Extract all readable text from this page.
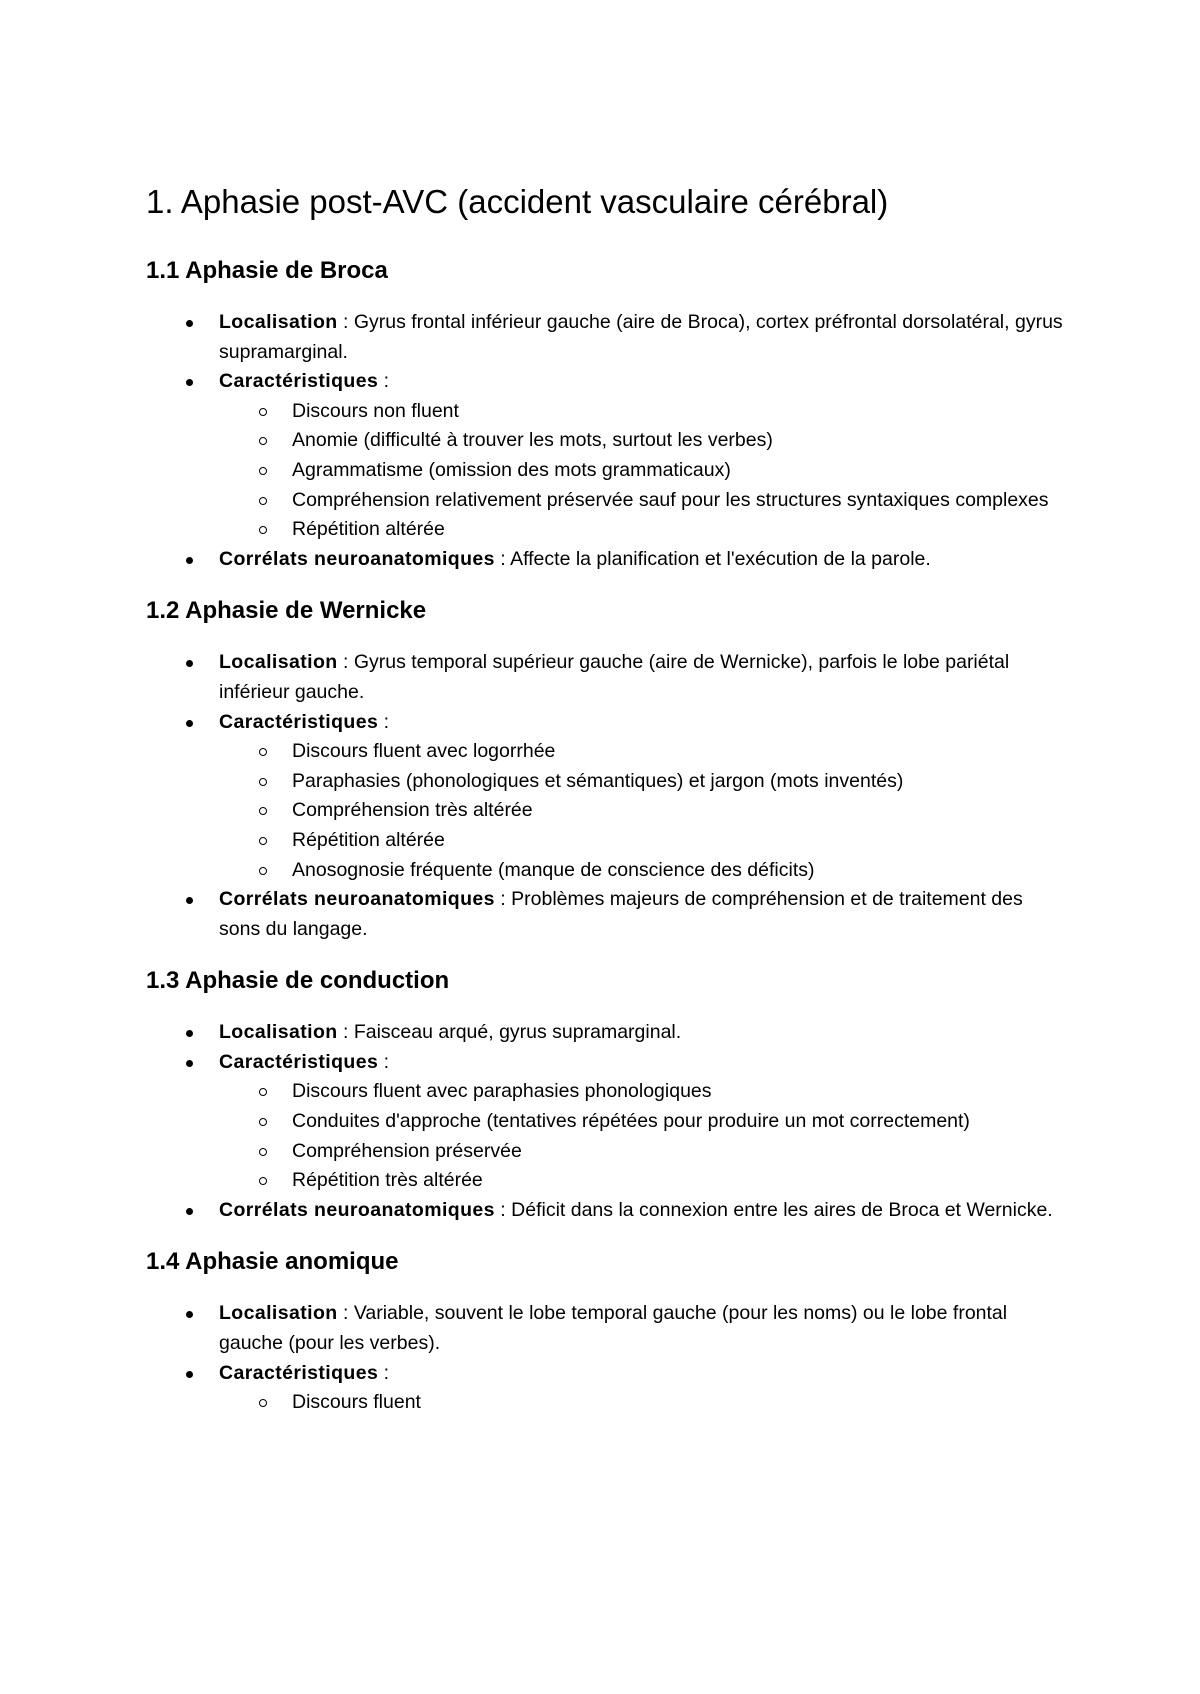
1. Aphasie post-AVC (accident vasculaire cérébral)
1.1 Aphasie de Broca
Localisation : Gyrus frontal inférieur gauche (aire de Broca), cortex préfrontal dorsolatéral, gyrus supramarginal.
Caractéristiques :
Discours non fluent
Anomie (difficulté à trouver les mots, surtout les verbes)
Agrammatisme (omission des mots grammaticaux)
Compréhension relativement préservée sauf pour les structures syntaxiques complexes
Répétition altérée
Corrélats neuroanatomiques : Affecte la planification et l'exécution de la parole.
1.2 Aphasie de Wernicke
Localisation : Gyrus temporal supérieur gauche (aire de Wernicke), parfois le lobe pariétal inférieur gauche.
Caractéristiques :
Discours fluent avec logorrhée
Paraphasies (phonologiques et sémantiques) et jargon (mots inventés)
Compréhension très altérée
Répétition altérée
Anosognosie fréquente (manque de conscience des déficits)
Corrélats neuroanatomiques : Problèmes majeurs de compréhension et de traitement des sons du langage.
1.3 Aphasie de conduction
Localisation : Faisceau arqué, gyrus supramarginal.
Caractéristiques :
Discours fluent avec paraphasies phonologiques
Conduites d'approche (tentatives répétées pour produire un mot correctement)
Compréhension préservée
Répétition très altérée
Corrélats neuroanatomiques : Déficit dans la connexion entre les aires de Broca et Wernicke.
1.4 Aphasie anomique
Localisation : Variable, souvent le lobe temporal gauche (pour les noms) ou le lobe frontal gauche (pour les verbes).
Caractéristiques :
Discours fluent
